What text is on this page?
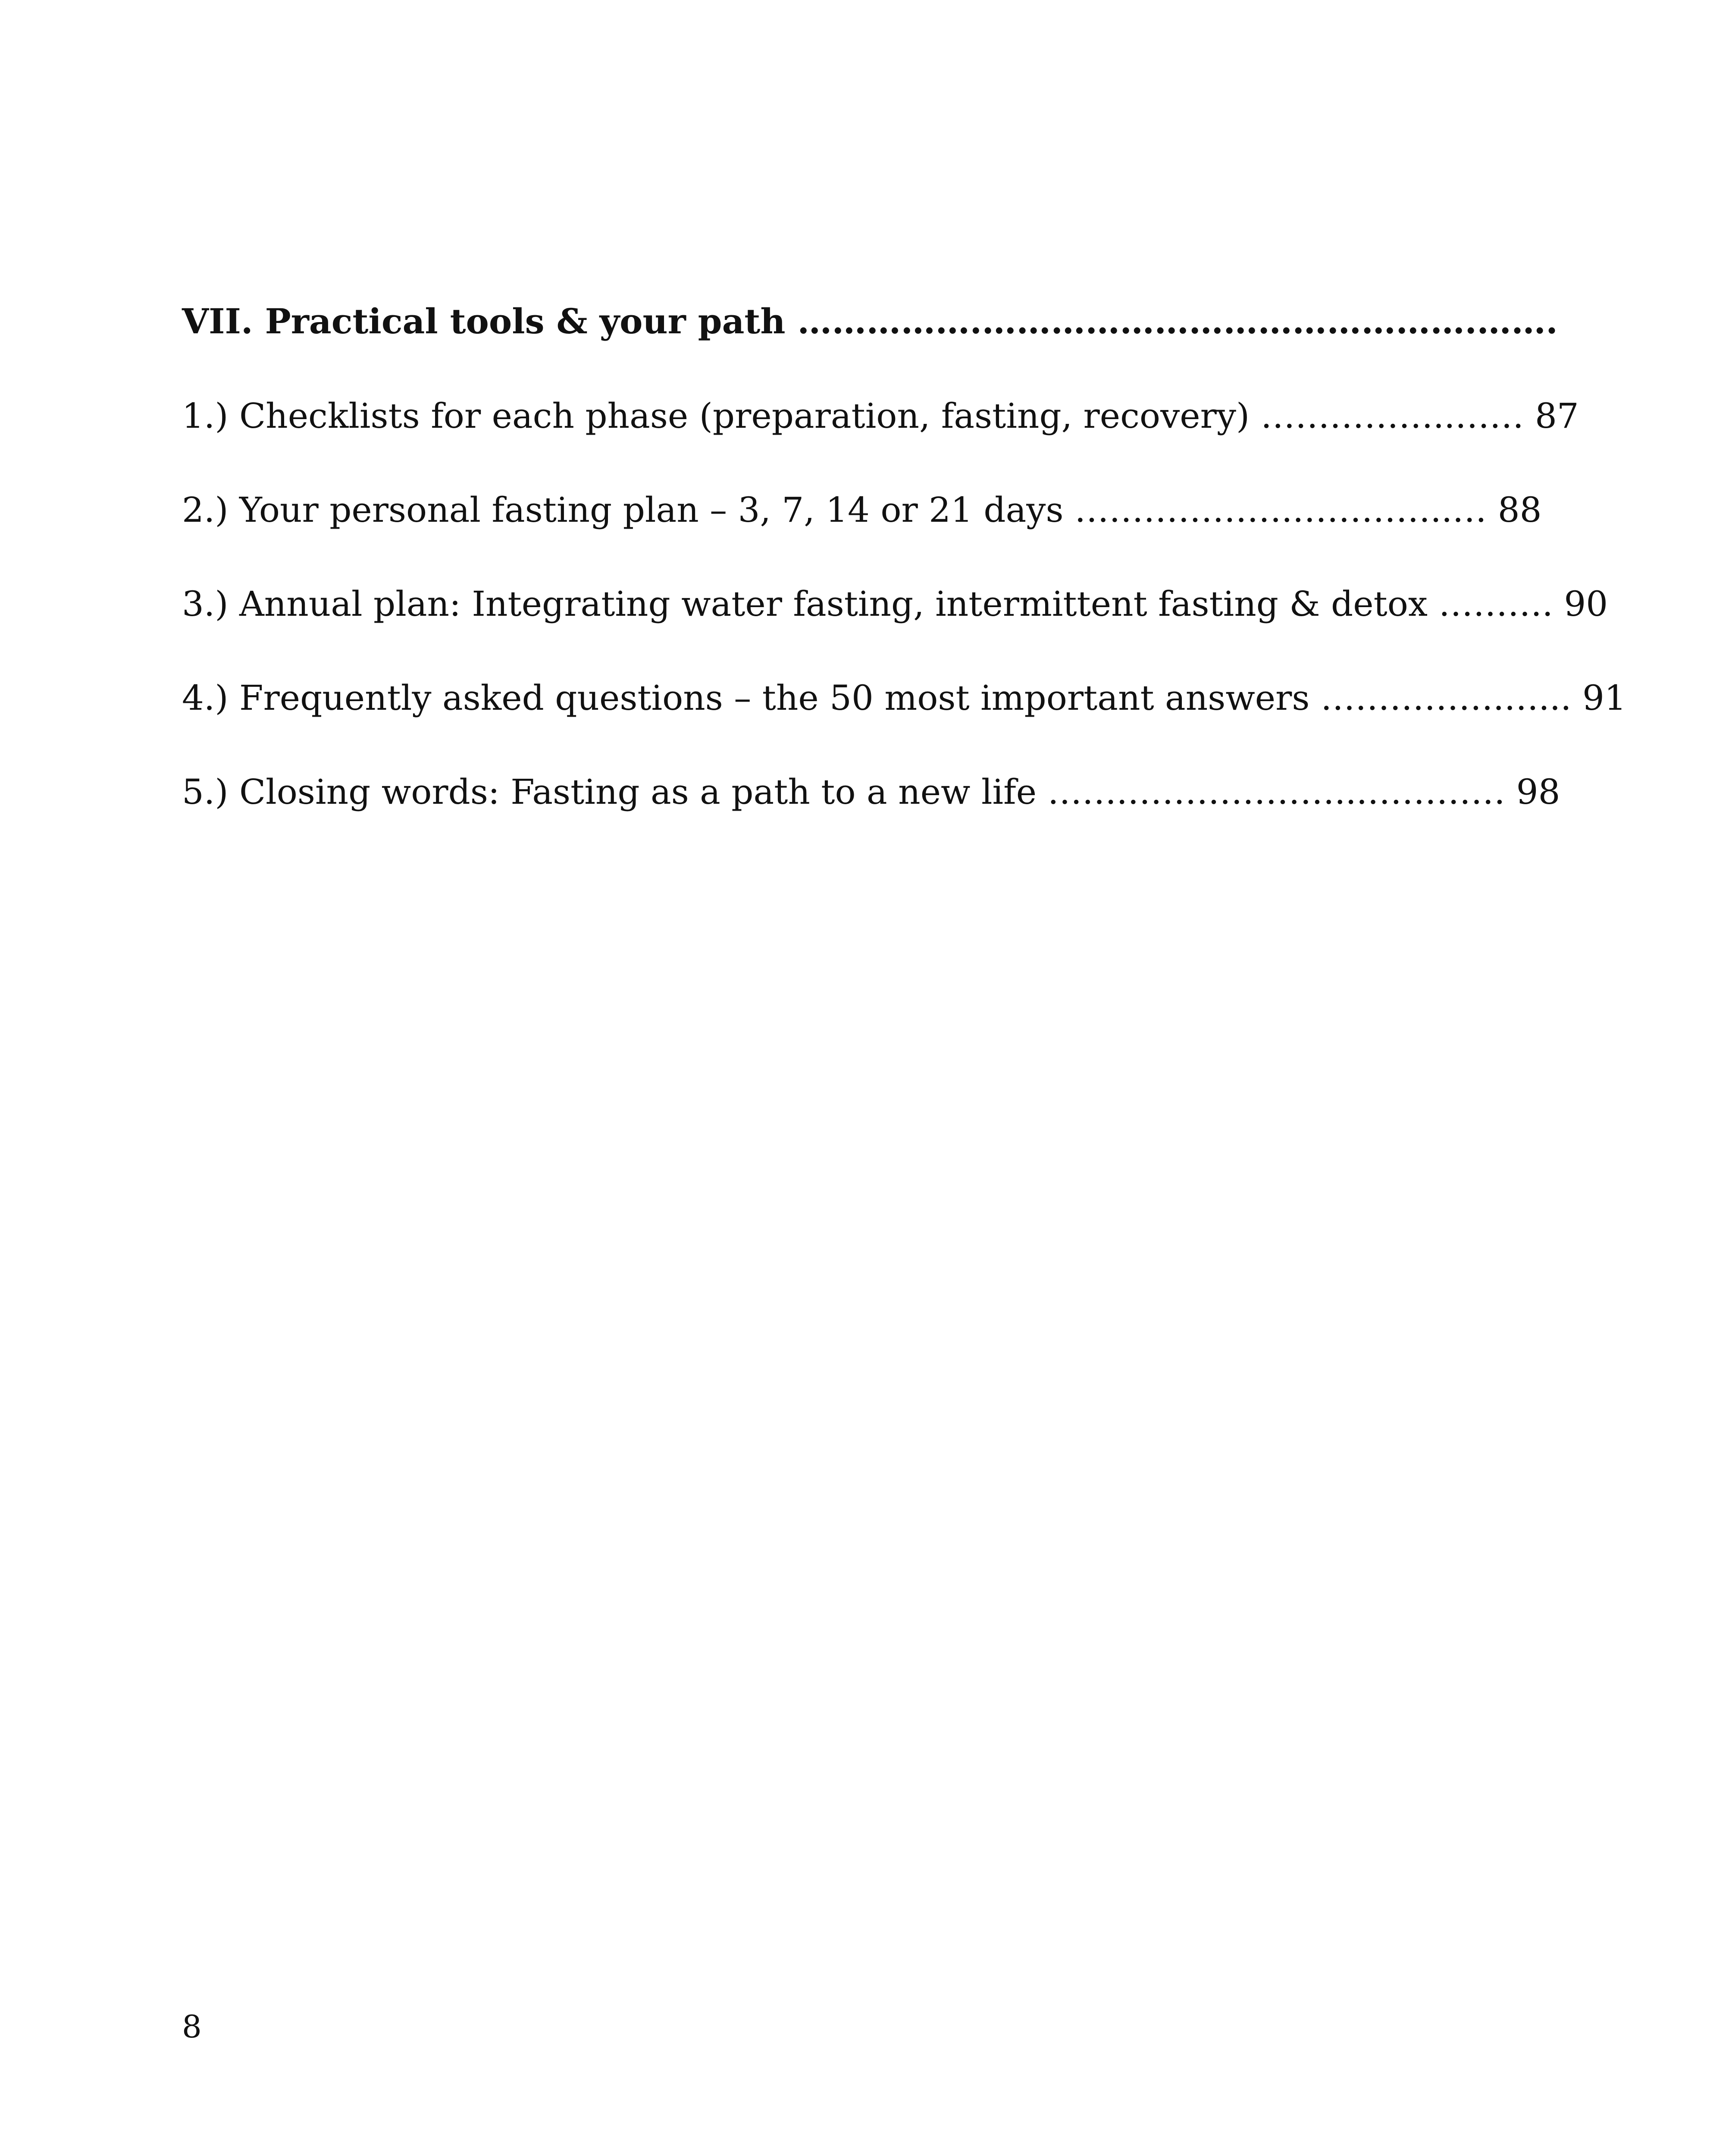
VII. Practical tools & your path …………….…………………………………….…….
1.) Checklists for each phase (preparation, fasting, recovery) ……………..…… 87
2.) Your personal fasting plan – 3, 7, 14 or 21 days ……………….…………..… 88
3.) Annual plan: Integrating water fasting, intermittent fasting & detox ………. 90
4.) Frequently asked questions – the 50 most important answers …………….…... 91
5.) Closing words: Fasting as a path to a new life …….………………...………… 98
8
